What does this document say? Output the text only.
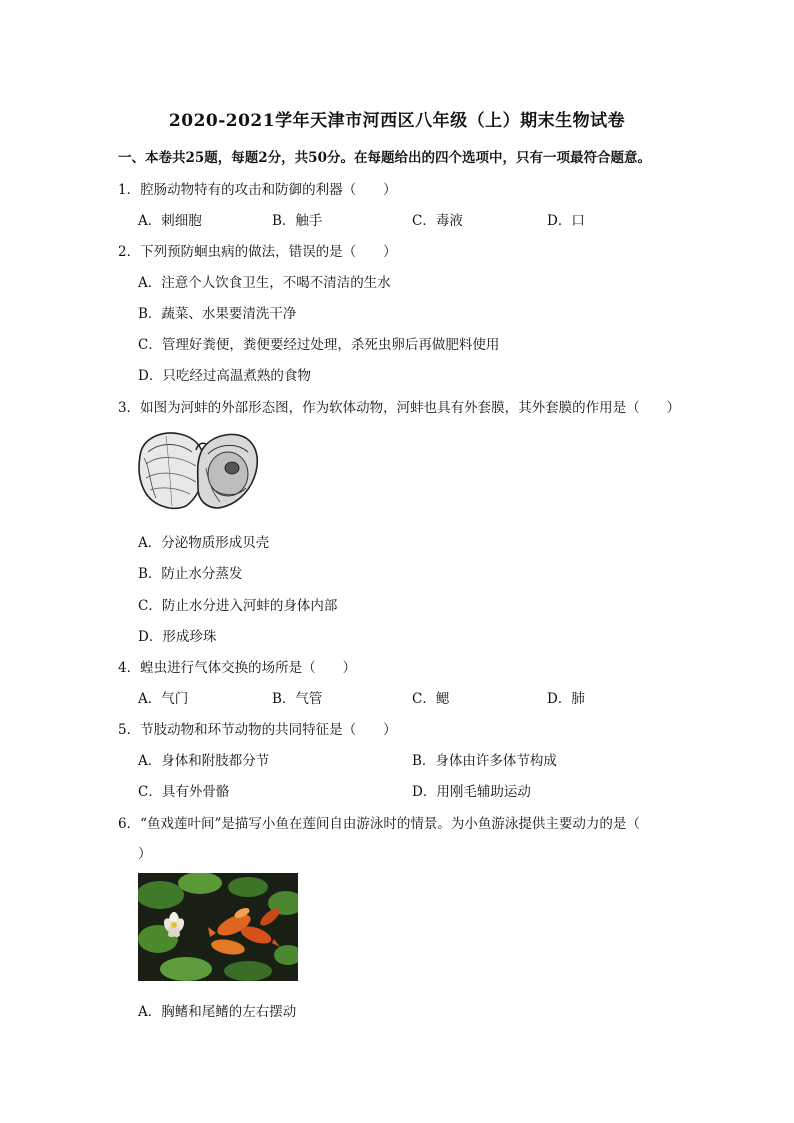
2020-2021学年天津市河西区八年级（上）期末生物试卷
一、本卷共25题，每题2分，共50分。在每题给出的四个选项中，只有一项最符合题意。
1．腔肠动物特有的攻击和防御的利器（　　）
A．刺细胞	B．触手	C．毒液	D．口
2．下列预防蛔虫病的做法，错误的是（　　）
A．注意个人饮食卫生，不喝不清洁的生水
B．蔬菜、水果要清洗干净
C．管理好粪便，粪便要经过处理，杀死虫卵后再做肥料使用
D．只吃经过高温煮熟的食物
3．如图为河蚌的外部形态图，作为软体动物，河蚌也具有外套膜，其外套膜的作用是（　　）
A．分泌物质形成贝壳
B．防止水分蒸发
C．防止水分进入河蚌的身体内部
D．形成珍珠
4．蝗虫进行气体交换的场所是（　　）
A．气门	B．气管	C．鳃	D．肺
5．节肢动物和环节动物的共同特征是（　　）
A．身体和附肢都分节	B．身体由许多体节构成
C．具有外骨骼	D．用刚毛辅助运动
6．“鱼戏莲叶间”是描写小鱼在莲间自由游泳时的情景。为小鱼游泳提供主要动力的是（
）
A．胸鳍和尾鳍的左右摆动
